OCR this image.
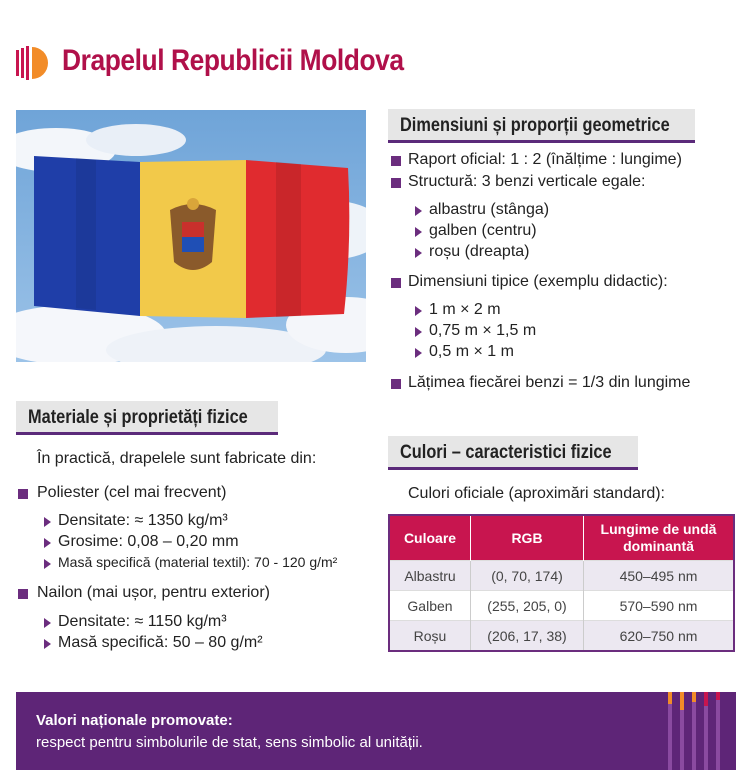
Drapelul Republicii Moldova
Dimensiuni și proporții geometrice
Raport oficial: 1 : 2 (înălțime : lungime)
Structură: 3 benzi verticale egale:
albastru (stânga)
galben (centru)
roșu (dreapta)
Dimensiuni tipice (exemplu didactic):
1 m × 2 m
0,75 m × 1,5 m
0,5 m × 1 m
Lățimea fiecărei benzi = 1/3 din lungime
Materiale și proprietăți fizice
În practică, drapelele sunt fabricate din:
Poliester (cel mai frecvent)
Densitate: ≈ 1350 kg/m³
Grosime: 0,08 – 0,20 mm
Masă specifică (material textil): 70 - 120 g/m²
Nailon (mai ușor, pentru exterior)
Densitate: ≈ 1150 kg/m³
Masă specifică: 50 – 80 g/m²
Culori – caracteristici fizice
Culori oficiale (aproximări standard):
Culoare	RGB	Lungime de undă dominantă
Albastru	(0, 70, 174)	450–495 nm
Galben	(255, 205, 0)	570–590 nm
Roșu	(206, 17, 38)	620–750 nm
Valori naționale promovate:
respect pentru simbolurile de stat, sens simbolic al unității.
